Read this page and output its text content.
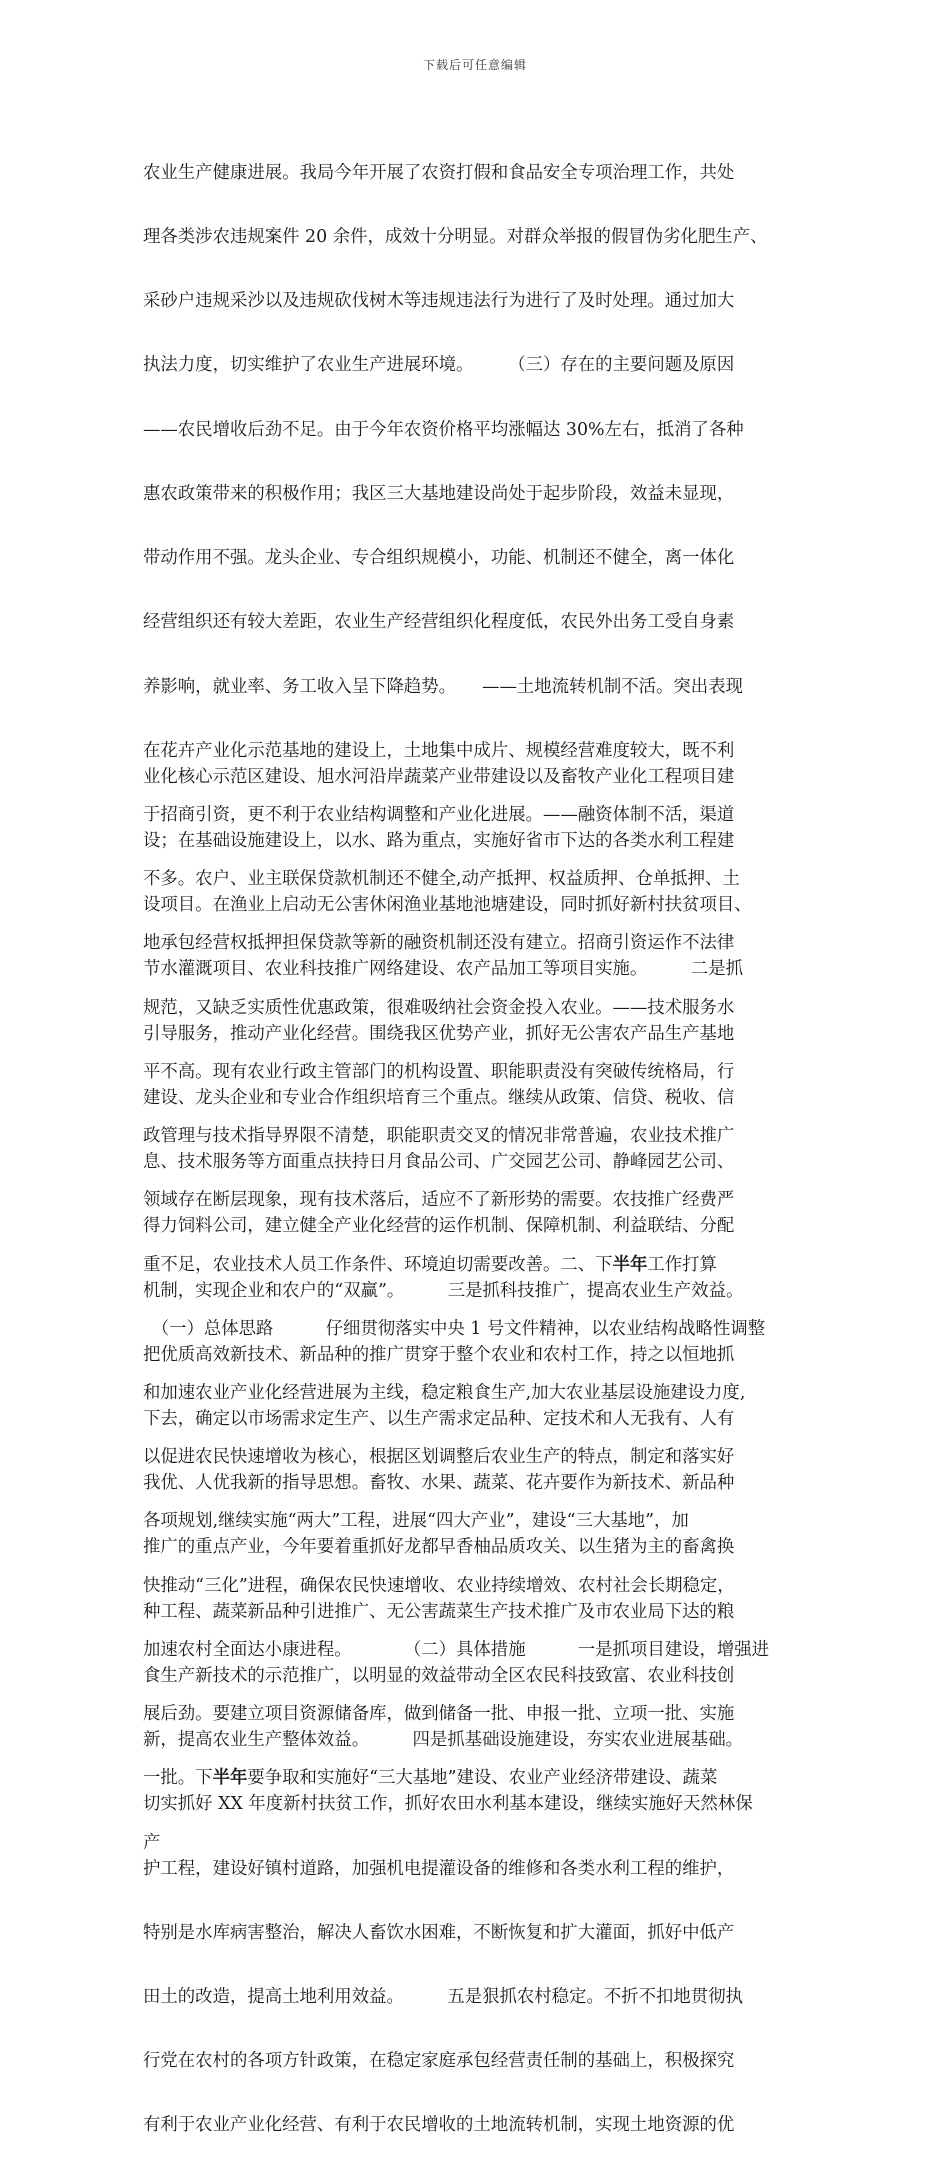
下载后可任意编辑

农业生产健康进展。我局今年开展了农资打假和食品安全专项治理工作，共处

理各类涉农违规案件 20 余件，成效十分明显。对群众举报的假冒伪劣化肥生产、

采砂户违规采沙以及违规砍伐树木等违规违法行为进行了及时处理。通过加大

执法力度，切实维护了农业生产进展环境。　　　（三）存在的主要问题及原因

——农民增收后劲不足。由于今年农资价格平均涨幅达 30%左右，抵消了各种

惠农政策带来的积极作用；我区三大基地建设尚处于起步阶段，效益未显现，

带动作用不强。龙头企业、专合组织规模小，功能、机制还不健全，离一体化

经营组织还有较大差距，农业生产经营组织化程度低，农民外出务工受自身素

养影响，就业率、务工收入呈下降趋势。　　——土地流转机制不活。突出表现

在花卉产业化示范基地的建设上，土地集中成片、规模经营难度较大，既不利

于招商引资，更不利于农业结构调整和产业化进展。——融资体制不活，渠道

不多。农户、业主联保贷款机制还不健全,动产抵押、权益质押、仓单抵押、土

地承包经营权抵押担保贷款等新的融资机制还没有建立。招商引资运作不法律

规范，又缺乏实质性优惠政策，很难吸纳社会资金投入农业。——技术服务水

平不高。现有农业行政主管部门的机构设置、职能职责没有突破传统格局，行

政管理与技术指导界限不清楚，职能职责交叉的情况非常普遍，农业技术推广

领域存在断层现象，现有技术落后，适应不了新形势的需要。农技推广经费严

重不足，农业技术人员工作条件、环境迫切需要改善。二、下半年工作打算

　（一）总体思路　　　仔细贯彻落实中央 1 号文件精神，以农业结构战略性调整

和加速农业产业化经营进展为主线，稳定粮食生产,加大农业基层设施建设力度,

以促进农民快速增收为核心，根据区划调整后农业生产的特点，制定和落实好

各项规划,继续实施“两大”工程，进展“四大产业”，建设“三大基地”，加

快推动“三化”进程，确保农民快速增收、农业持续增效、农村社会长期稳定，

加速农村全面达小康进程。　　　　（二）具体措施　　　一是抓项目建设，增强进

展后劲。要建立项目资源储备库，做到储备一批、申报一批、立项一批、实施

一批。下半年要争取和实施好“三大基地”建设、农业产业经济带建设、蔬菜

产

业化核心示范区建设、旭水河沿岸蔬菜产业带建设以及畜牧产业化工程项目建

设；在基础设施建设上，以水、路为重点，实施好省市下达的各类水利工程建

设项目。在渔业上启动无公害休闲渔业基地池塘建设，同时抓好新村扶贫项目、

节水灌溉项目、农业科技推广网络建设、农产品加工等项目实施。　　　二是抓

引导服务，推动产业化经营。围绕我区优势产业，抓好无公害农产品生产基地

建设、龙头企业和专业合作组织培育三个重点。继续从政策、信贷、税收、信

息、技术服务等方面重点扶持日月食品公司、广交园艺公司、静峰园艺公司、

得力饲料公司，建立健全产业化经营的运作机制、保障机制、利益联结、分配

机制，实现企业和农户的“双赢”。　　　三是抓科技推广，提高农业生产效益。

把优质高效新技术、新品种的推广贯穿于整个农业和农村工作，持之以恒地抓

下去，确定以市场需求定生产、以生产需求定品种、定技术和人无我有、人有

我优、人优我新的指导思想。畜牧、水果、蔬菜、花卉要作为新技术、新品种

推广的重点产业，今年要着重抓好龙都早香柚品质攻关、以生猪为主的畜禽换

种工程、蔬菜新品种引进推广、无公害蔬菜生产技术推广及市农业局下达的粮

食生产新技术的示范推广，以明显的效益带动全区农民科技致富、农业科技创

新，提高农业生产整体效益。　　　四是抓基础设施建设，夯实农业进展基础。

切实抓好 XX 年度新村扶贫工作，抓好农田水利基本建设，继续实施好天然林保

护工程，建设好镇村道路，加强机电提灌设备的维修和各类水利工程的维护，

特别是水库病害整治，解决人畜饮水困难，不断恢复和扩大灌面，抓好中低产

田土的改造，提高土地利用效益。　　　五是狠抓农村稳定。不折不扣地贯彻执

行党在农村的各项方针政策，在稳定家庭承包经营责任制的基础上，积极探究

有利于农业产业化经营、有利于农民增收的土地流转机制，实现土地资源的优
